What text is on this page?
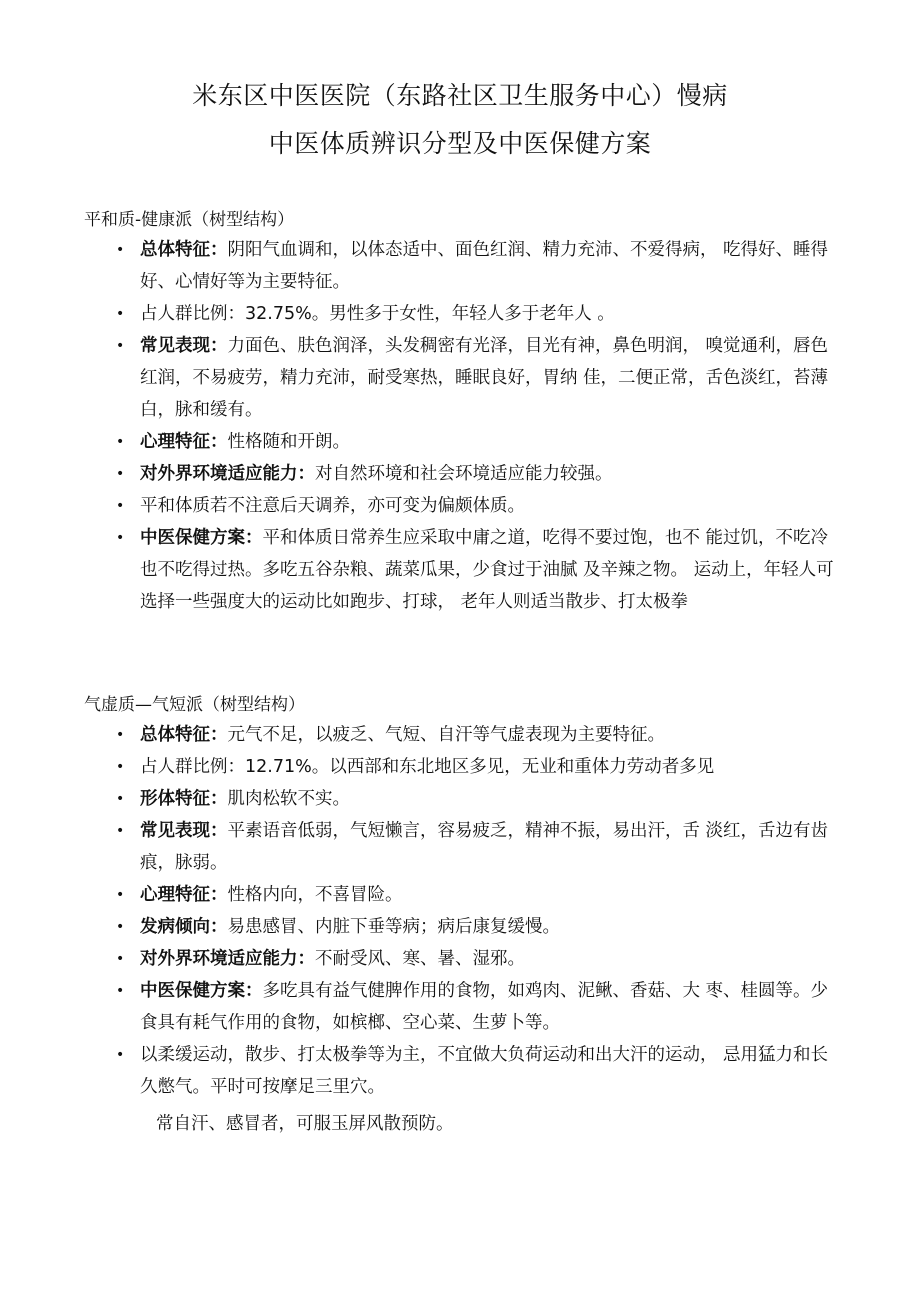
米东区中医医院（东路社区卫生服务中心）慢病
中医体质辨识分型及中医保健方案
平和质-健康派（树型结构）
• 总体特征：阴阳气血调和，以体态适中、面色红润、精力充沛、不爱得病， 吃得好、睡得好、心情好等为主要特征。
• 占人群比例：32.75%。男性多于女性，年轻人多于老年人 。
• 常见表现：力面色、肤色润泽，头发稠密有光泽，目光有神，鼻色明润， 嗅觉通利，唇色红润，不易疲劳，精力充沛，耐受寒热，睡眠良好，胃纳 佳，二便正常，舌色淡红，苔薄白，脉和缓有。
• 心理特征：性格随和开朗。
• 对外界环境适应能力：对自然环境和社会环境适应能力较强。
• 平和体质若不注意后天调养，亦可变为偏颇体质。
• 中医保健方案：平和体质日常养生应采取中庸之道，吃得不要过饱，也不 能过饥，不吃冷也不吃得过热。多吃五谷杂粮、蔬菜瓜果，少食过于油腻 及辛辣之物。 运动上，年轻人可选择一些强度大的运动比如跑步、打球， 老年人则适当散步、打太极拳
气虚质—气短派（树型结构）
• 总体特征：元气不足，以疲乏、气短、自汗等气虚表现为主要特征。
• 占人群比例：12.71%。以西部和东北地区多见，无业和重体力劳动者多见
• 形体特征：肌肉松软不实。
• 常见表现：平素语音低弱，气短懒言，容易疲乏，精神不振，易出汗，舌 淡红，舌边有齿痕，脉弱。
• 心理特征：性格内向，不喜冒险。
• 发病倾向：易患感冒、内脏下垂等病；病后康复缓慢。
• 对外界环境适应能力：不耐受风、寒、暑、湿邪。
• 中医保健方案：多吃具有益气健脾作用的食物，如鸡肉、泥鳅、香菇、大 枣、桂圆等。少食具有耗气作用的食物，如槟榔、空心菜、生萝卜等。
• 以柔缓运动，散步、打太极拳等为主，不宜做大负荷运动和出大汗的运动， 忌用猛力和长久憋气。平时可按摩足三里穴。
常自汗、感冒者，可服玉屏风散预防。
